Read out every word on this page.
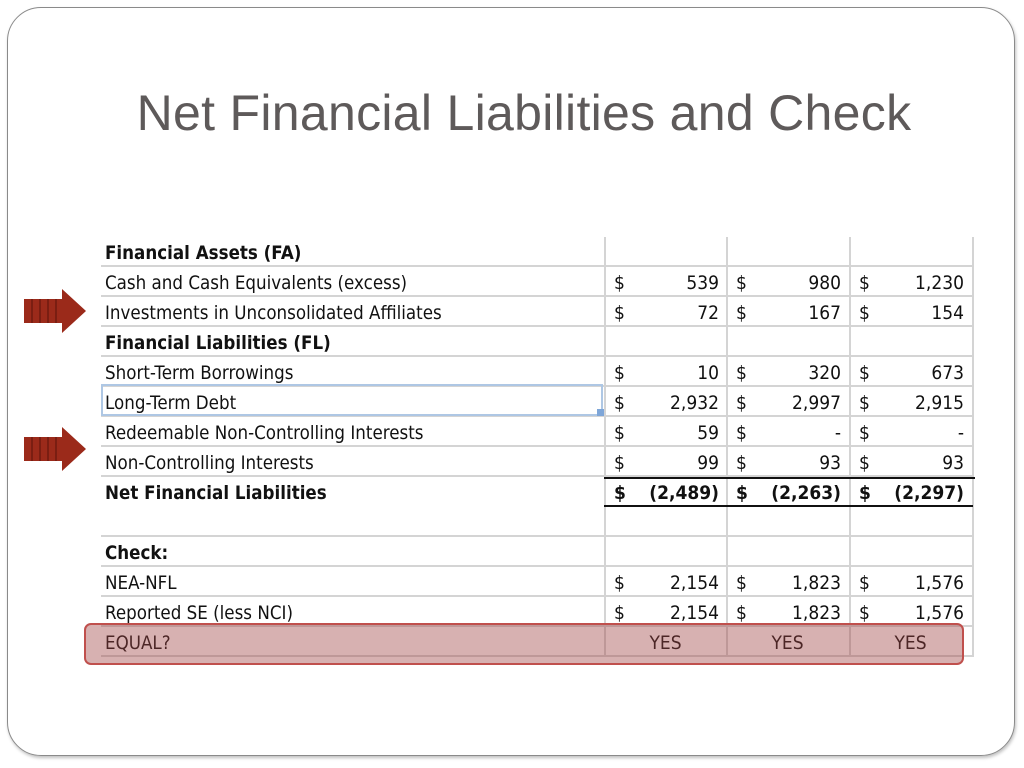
Net Financial Liabilities and Check
Financial Assets (FA)
Cash and Cash Equivalents (excess)	$	539 $	980 $	1,230
Investments in Unconsolidated Affiliates	$	72 $	167 $	154
Financial Liabilities (FL)
Short-Term Borrowings	$	10 $	320 $	673
Long-Term Debt	$	2,932 $	2,997 $	2,915
Redeemable Non-Controlling Interests	$	59 $	- $	-
Non-Controlling Interests	$	99 $	93 $	93
Net Financial Liabilities	$	(2,489) $	(2,263) $	(2,297)
Check:
NEA-NFL	$	2,154 $	1,823 $	1,576
Reported SE (less NCI)	$	2,154 $	1,823 $	1,576
EQUAL?	YES	YES	YES
